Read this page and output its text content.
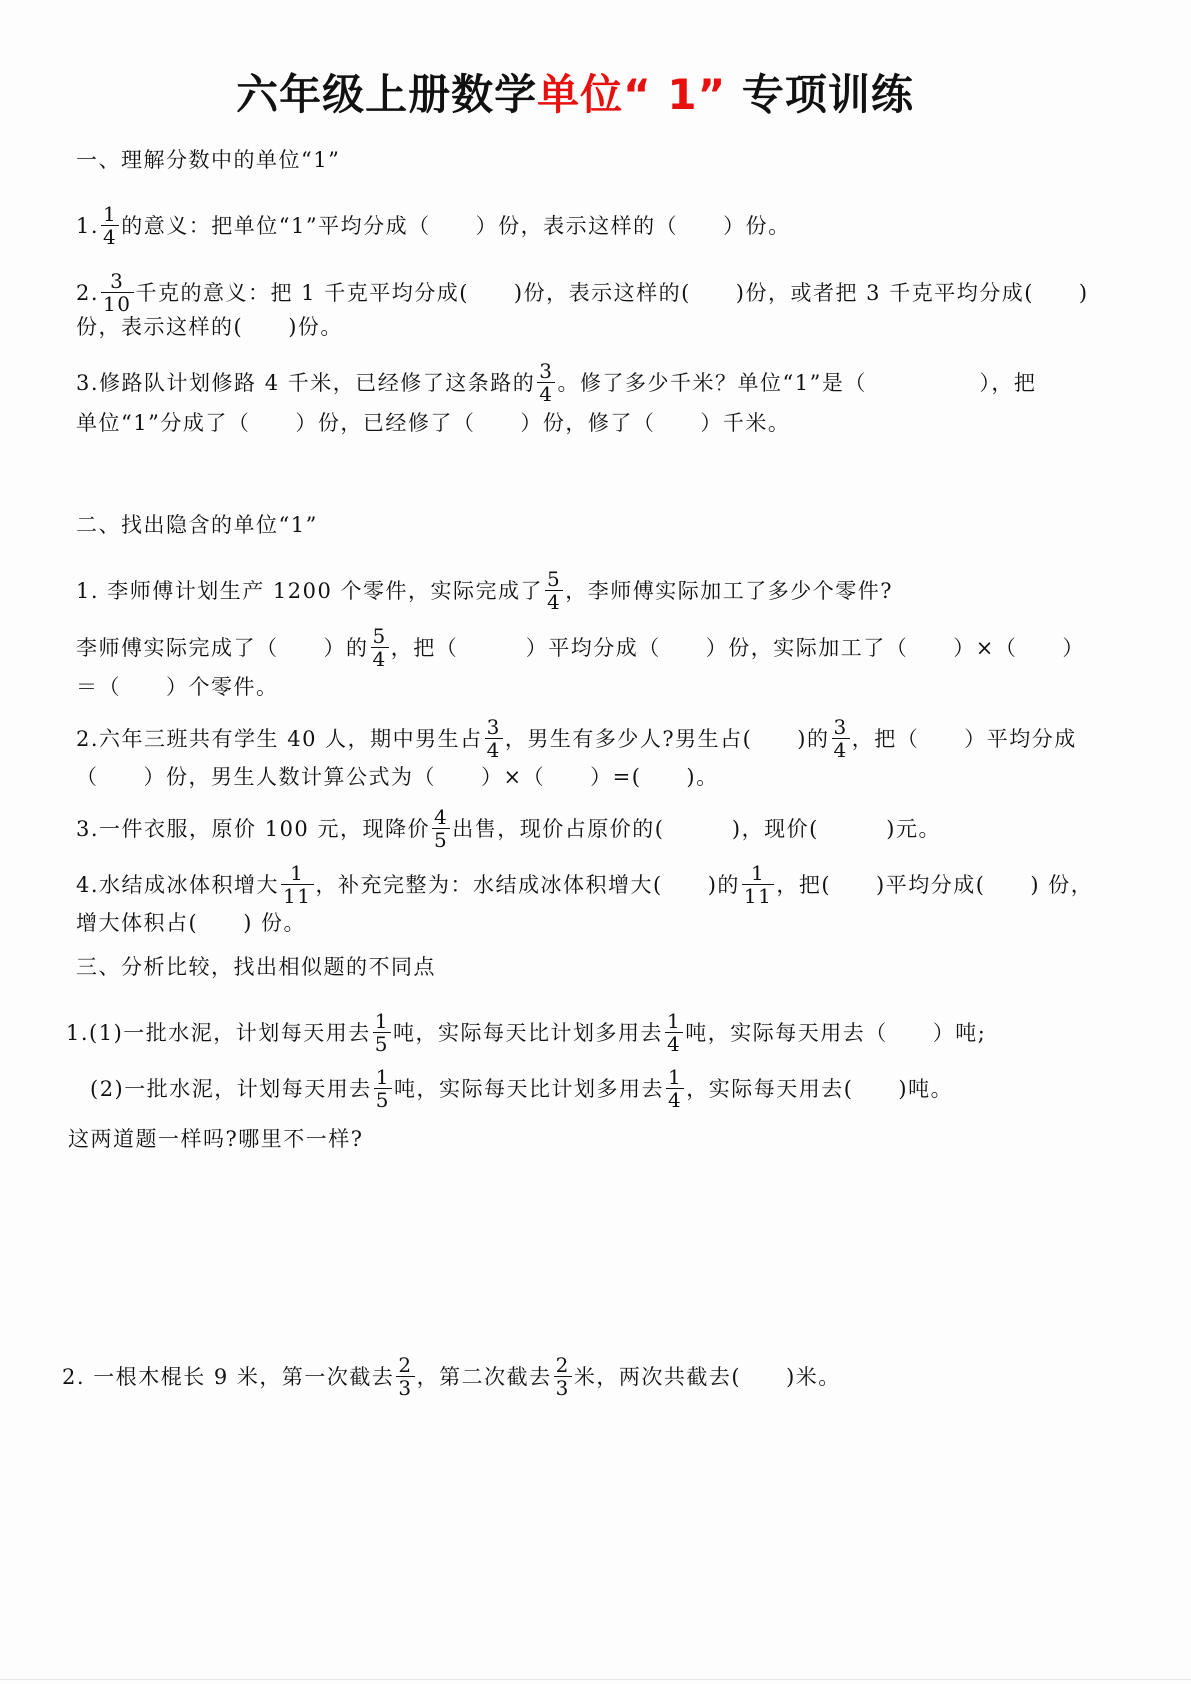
六年级上册数学单位“ 1” 专项训练
一、理解分数中的单位“1”
1. $\frac{1}{4}$ 的意义：把单位“1”平均分成（　　）份，表示这样的（　　）份。
2. $\frac{3}{10}$ 千克的意义：把 1 千克平均分成(　　)份，表示这样的(　　)份，或者把 3 千克平均分成(　　)
份，表示这样的(　　)份。
3.修路队计划修路 4 千米，已经修了这条路的 $\frac{3}{4}$ 。修了多少千米？单位“1”是（　　　　　），把
单位“1”分成了（　　）份，已经修了（　　）份，修了（　　）千米。
二、找出隐含的单位“1”
1. 李师傅计划生产 1200 个零件，实际完成了 $\frac{5}{4}$ ，李师傅实际加工了多少个零件?
李师傅实际完成了（　　）的 $\frac{5}{4}$ ，把（　　　）平均分成（　　）份，实际加工了（　　）×（　　）
＝（　　）个零件。
2.六年三班共有学生 40 人，期中男生占 $\frac{3}{4}$ ，男生有多少人?男生占(　　)的 $\frac{3}{4}$ ，把（　　）平均分成
（　　）份，男生人数计算公式为（　　）×（　　）=(　　)。
3.一件衣服，原价 100 元，现降价 $\frac{4}{5}$ 出售，现价占原价的(　　　)，现价(　　　)元。
4.水结成冰体积增大 $\frac{1}{11}$ ，补充完整为：水结成冰体积增大(　　)的 $\frac{1}{11}$ ，把(　　)平均分成(　　) 份，
增大体积占(　　) 份。
三、分析比较，找出相似题的不同点
1.(1)一批水泥，计划每天用去 $\frac{1}{5}$ 吨，实际每天比计划多用去 $\frac{1}{4}$ 吨，实际每天用去（　　）吨;
(2)一批水泥，计划每天用去 $\frac{1}{5}$ 吨，实际每天比计划多用去 $\frac{1}{4}$ ，实际每天用去(　　)吨。
这两道题一样吗?哪里不一样?
2. 一根木棍长 9 米，第一次截去 $\frac{2}{3}$ ，第二次截去 $\frac{2}{3}$ 米，两次共截去(　　)米。
